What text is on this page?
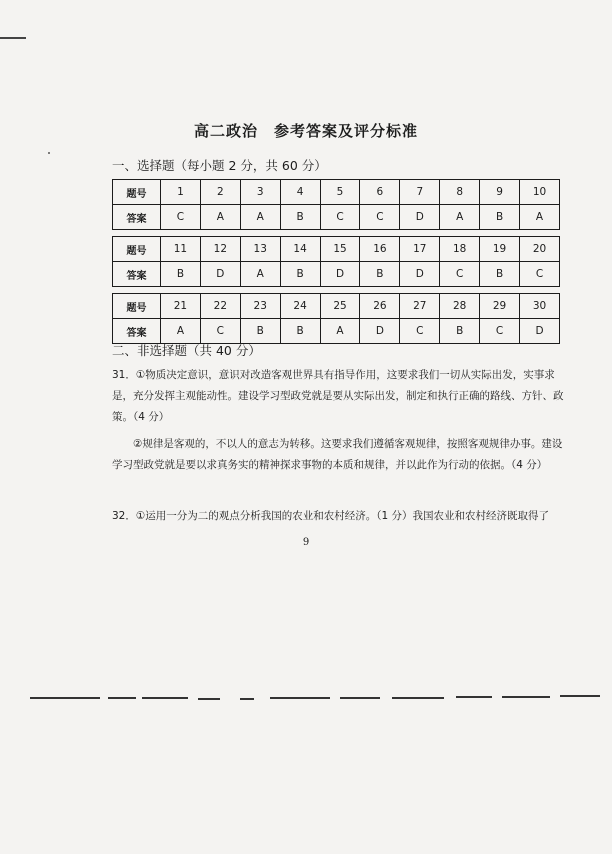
高二政治　参考答案及评分标准
一、选择题（每小题 2 分，共 60 分）
题号	1	2	3	4	5	6	7	8	9	10
答案	C	A	A	B	C	C	D	A	B	A

题号	11	12	13	14	15	16	17	18	19	20
答案	B	D	A	B	D	B	D	C	B	C

题号	21	22	23	24	25	26	27	28	29	30
答案	A	C	B	B	A	D	C	B	C	D
二、非选择题（共 40 分）
31．①物质决定意识，意识对改造客观世界具有指导作用，这要求我们一切从实际出发，实事求是，充分发挥主观能动性。建设学习型政党就是要从实际出发，制定和执行正确的路线、方针、政策。（4 分）
②规律是客观的，不以人的意志为转移。这要求我们遵循客观规律，按照客观规律办事。建设学习型政党就是要以求真务实的精神探求事物的本质和规律，并以此作为行动的依据。（4 分）
32．①运用一分为二的观点分析我国的农业和农村经济。（1 分）我国农业和农村经济既取得了
9
